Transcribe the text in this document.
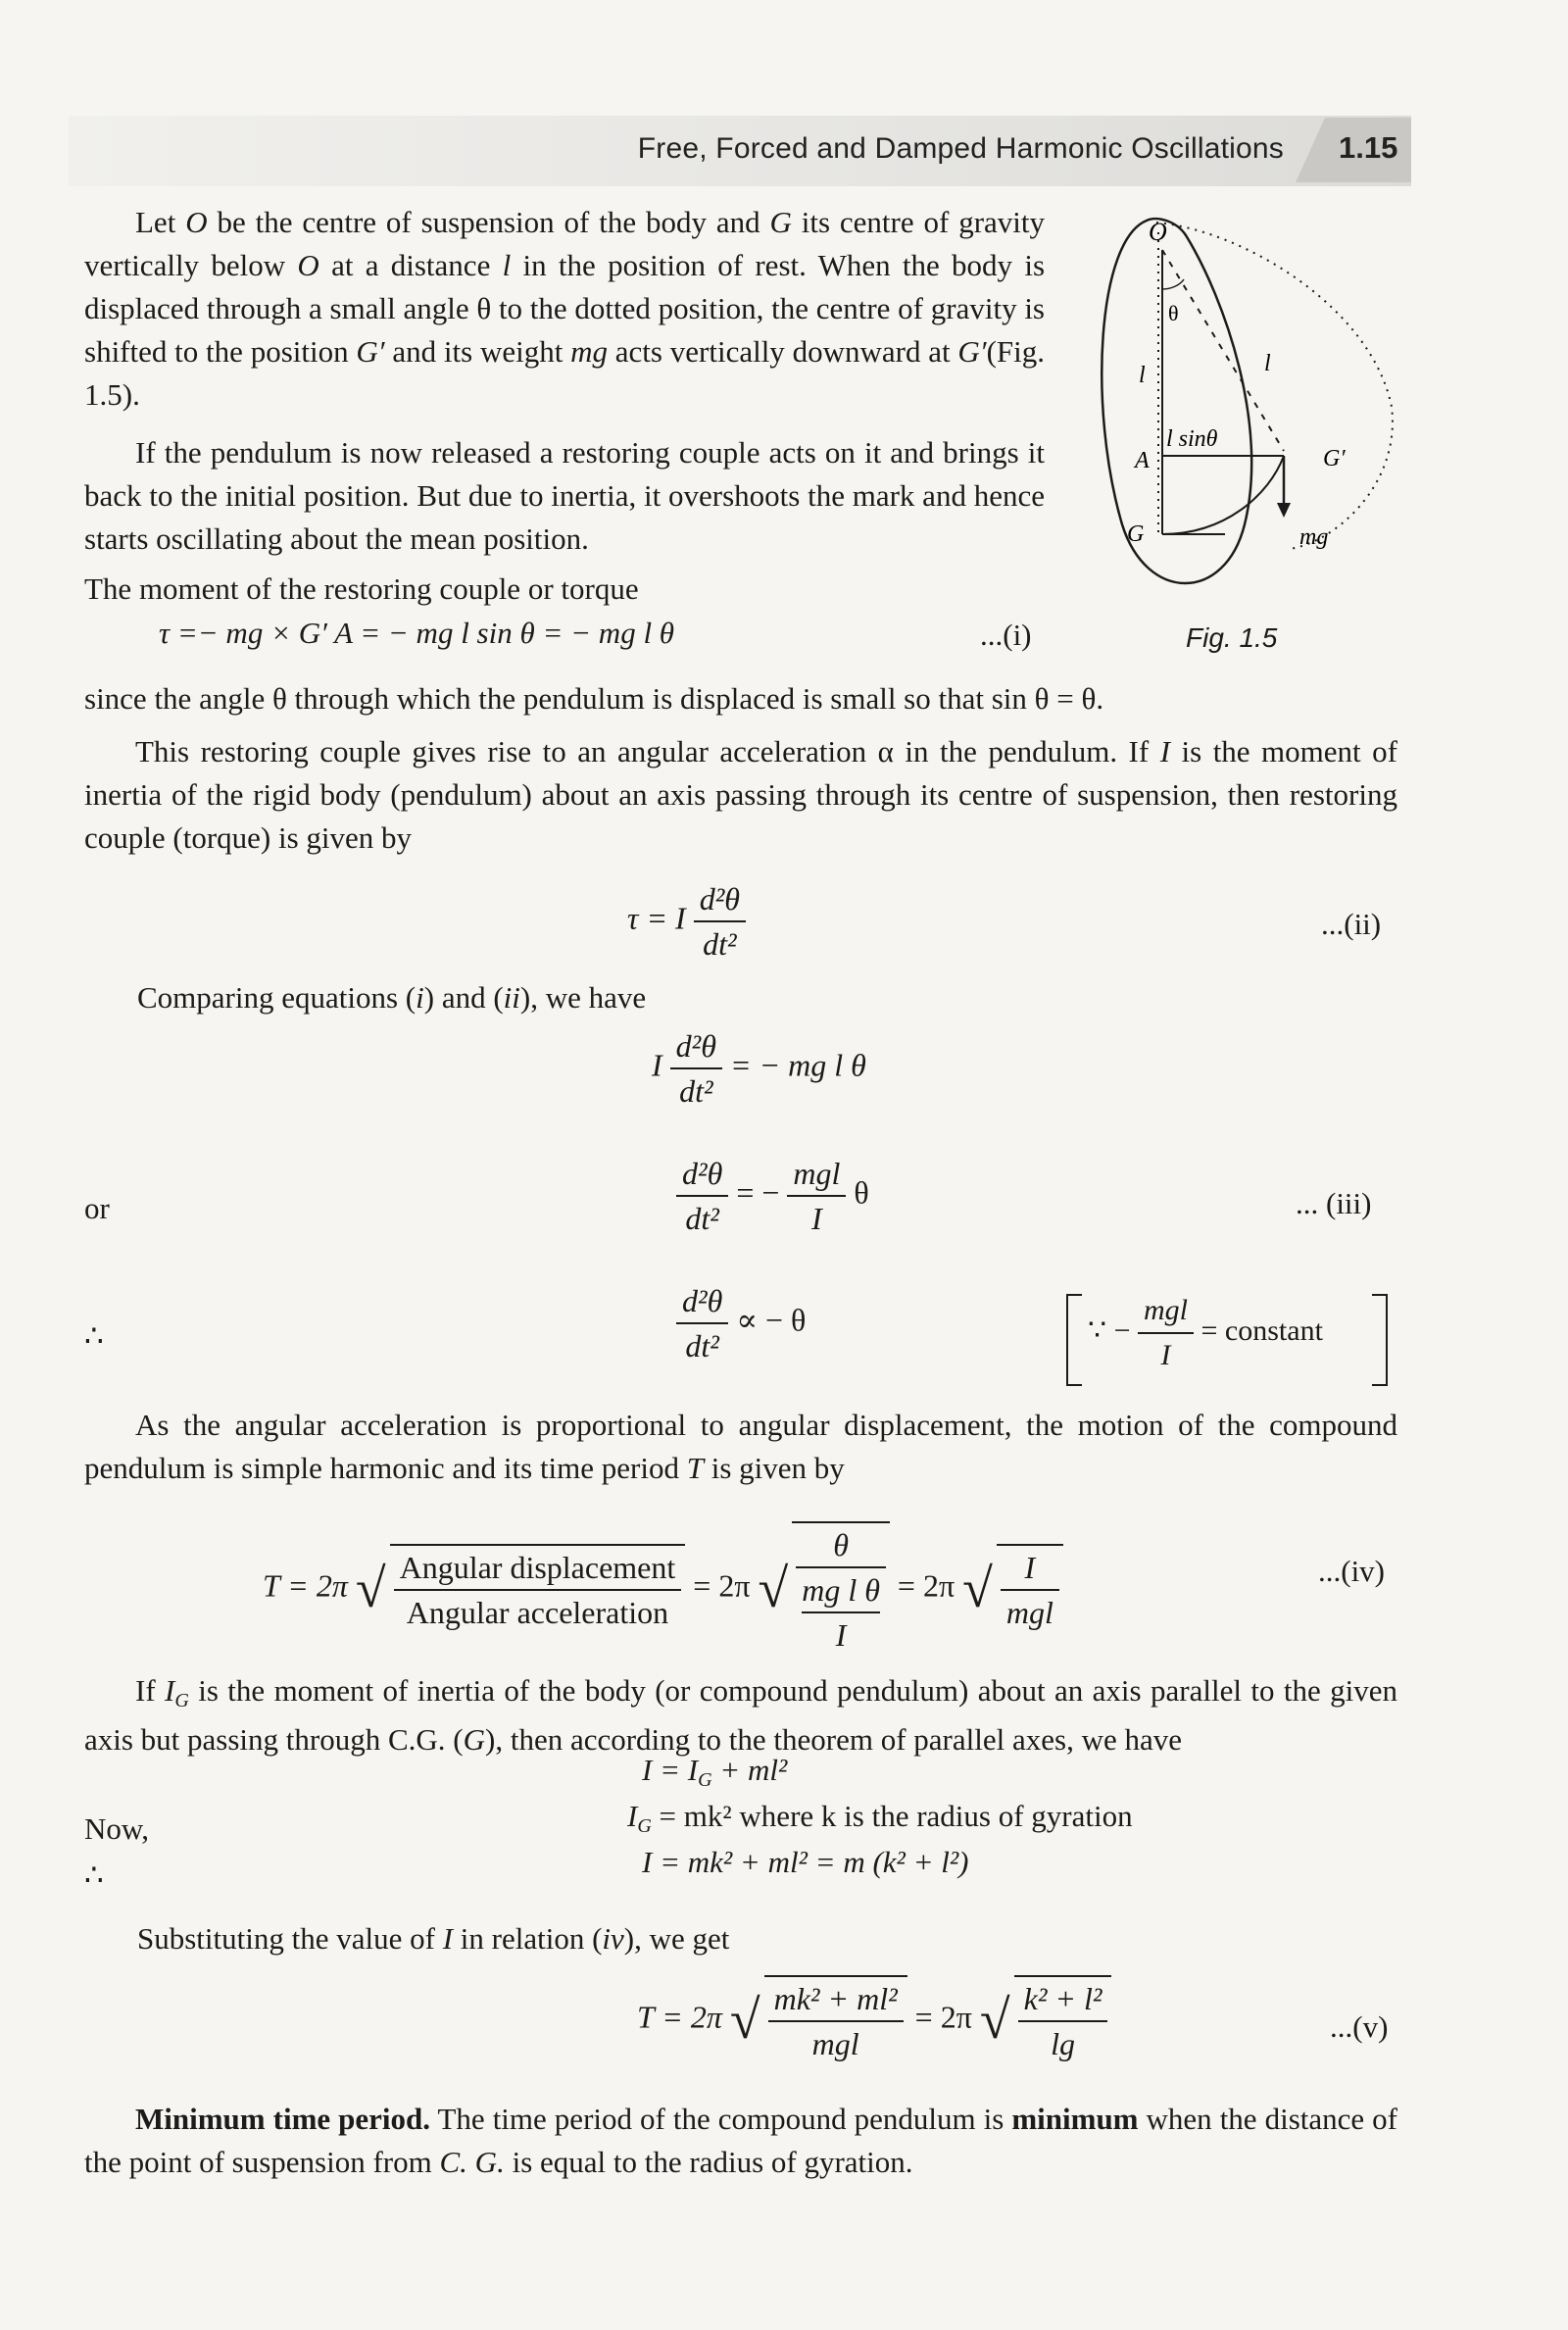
Free, Forced and Damped Harmonic Oscillations 1.15
Let O be the centre of suspension of the body and G its centre of gravity vertically below O at a distance l in the position of rest. When the body is displaced through a small angle θ to the dotted position, the centre of gravity is shifted to the position G′ and its weight mg acts vertically downward at G′(Fig. 1.5).
If the pendulum is now released a restoring couple acts on it and brings it back to the initial position. But due to inertia, it overshoots the mark and hence starts oscillating about the mean position.
The moment of the restoring couple or torque
τ =− mg × G′ A = − mg l sin θ = − mg l θ	...(i)
O
θ
l	l
A
l sinθ
G′
G	mg
Fig. 1.5
since the angle θ through which the pendulum is displaced is small so that sin θ = θ.
This restoring couple gives rise to an angular acceleration α in the pendulum. If I is the moment of inertia of the rigid body (pendulum) about an axis passing through its centre of suspension, then restoring couple (torque) is given by
τ = I $\frac{\text{d²θ}}{\text{dt²}}$	...(ii)
Comparing equations (i) and (ii), we have
I $\frac{\text{d²θ}}{\text{dt²}}$ = − mg l θ
or	$\frac{\text{d²θ}}{\text{dt²}}$ = − $\frac{\text{mgl}}{I}$ θ	... (iii)
∴	$\frac{\text{d²θ}}{\text{dt²}}$ ∝ − θ	∵ − $\frac{\text{mgl}}{I}$ = constant
As the angular acceleration is proportional to angular displacement, the motion of the compound pendulum is simple harmonic and its time period T is given by
T = 2π √ $\frac{\text{Angular displacement}}{\text{Angular acceleration}} = 2\pi$ √ θ
mg l θ
I = 2π √ $\frac{I}{\text{mgl}}$	...(iv)
If $I_G$ is the moment of inertia of the body (or compound pendulum) about an axis parallel to the given axis but passing through C.G. (G), then according to the theorem of parallel axes, we have
$I = I_G + ml^2$
Now,	$I_G = mk^2$ where k is the radius of gyration
∴	I = mk² + ml² = m (k² + l²)
Substituting the value of I in relation (iv), we get
T = 2π √ $\frac{\text{mk² + ml²}}{\text{mgl}} = 2\pi$ √ $\frac{\text{k² + l²}}{\lg}$	...(v)
Minimum time period. The time period of the compound pendulum is minimum when the distance of the point of suspension from C. G. is equal to the radius of gyration.
